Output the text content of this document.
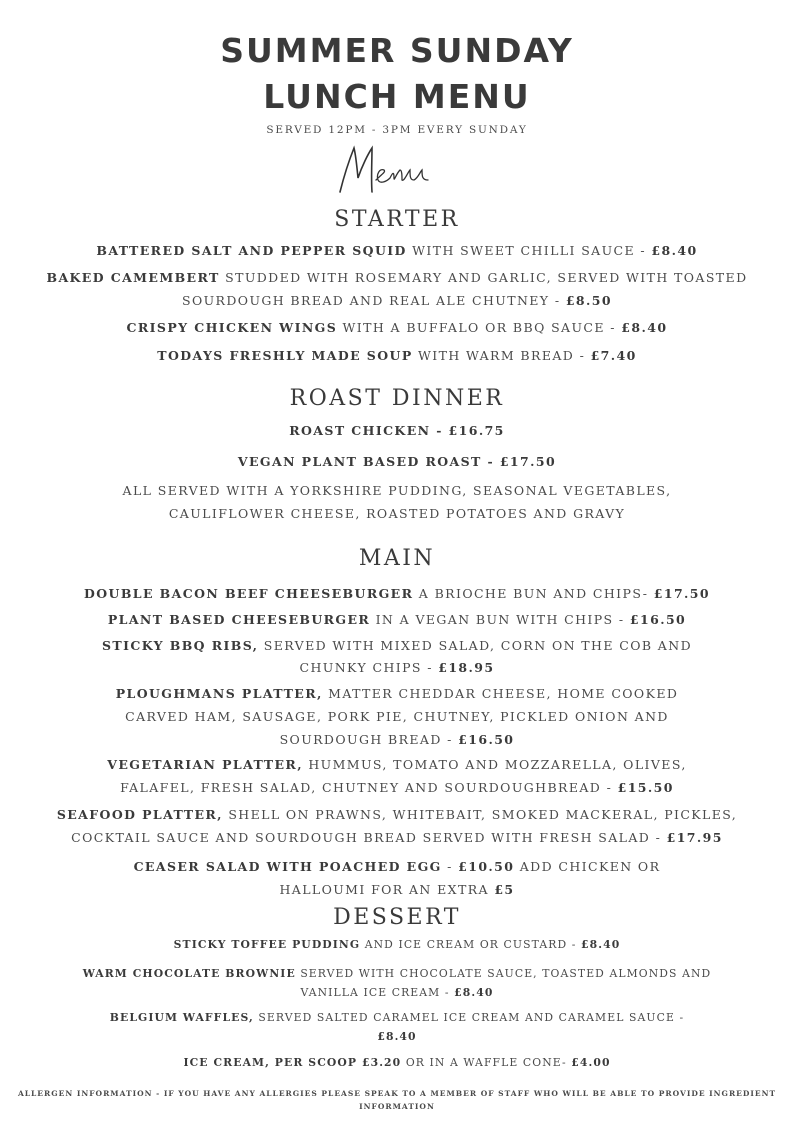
SUMMER SUNDAY
LUNCH MENU
SERVED 12PM - 3PM EVERY SUNDAY
STARTER
BATTERED SALT AND PEPPER SQUID WITH SWEET CHILLI SAUCE - £8.40
BAKED CAMEMBERT STUDDED WITH ROSEMARY AND GARLIC, SERVED WITH TOASTED
SOURDOUGH BREAD AND REAL ALE CHUTNEY - £8.50
CRISPY CHICKEN WINGS WITH A BUFFALO OR BBQ SAUCE - £8.40
TODAYS FRESHLY MADE SOUP WITH WARM BREAD - £7.40
ROAST DINNER
ROAST CHICKEN - £16.75
VEGAN PLANT BASED ROAST - £17.50
ALL SERVED WITH A YORKSHIRE PUDDING, SEASONAL VEGETABLES,
CAULIFLOWER CHEESE, ROASTED POTATOES AND GRAVY
MAIN
DOUBLE BACON BEEF CHEESEBURGER A BRIOCHE BUN AND CHIPS- £17.50
PLANT BASED CHEESEBURGER IN A VEGAN BUN WITH CHIPS - £16.50
STICKY BBQ RIBS, SERVED WITH MIXED SALAD, CORN ON THE COB AND
CHUNKY CHIPS - £18.95
PLOUGHMANS PLATTER, MATTER CHEDDAR CHEESE, HOME COOKED
CARVED HAM, SAUSAGE, PORK PIE, CHUTNEY, PICKLED ONION AND
SOURDOUGH BREAD - £16.50
VEGETARIAN PLATTER, HUMMUS, TOMATO AND MOZZARELLA, OLIVES,
FALAFEL, FRESH SALAD, CHUTNEY AND SOURDOUGHBREAD - £15.50
SEAFOOD PLATTER, SHELL ON PRAWNS, WHITEBAIT, SMOKED MACKERAL, PICKLES,
COCKTAIL SAUCE AND SOURDOUGH BREAD SERVED WITH FRESH SALAD - £17.95
CEASER SALAD WITH POACHED EGG - £10.50 ADD CHICKEN OR
HALLOUMI FOR AN EXTRA £5
DESSERT
STICKY TOFFEE PUDDING AND ICE CREAM OR CUSTARD - £8.40
WARM CHOCOLATE BROWNIE SERVED WITH CHOCOLATE SAUCE, TOASTED ALMONDS AND
VANILLA ICE CREAM - £8.40
BELGIUM WAFFLES, SERVED SALTED CARAMEL ICE CREAM AND CARAMEL SAUCE -
£8.40
ICE CREAM, PER SCOOP £3.20 OR IN A WAFFLE CONE- £4.00
ALLERGEN INFORMATION - IF YOU HAVE ANY ALLERGIES PLEASE SPEAK TO A MEMBER OF STAFF WHO WILL BE ABLE TO PROVIDE INGREDIENT
INFORMATION
